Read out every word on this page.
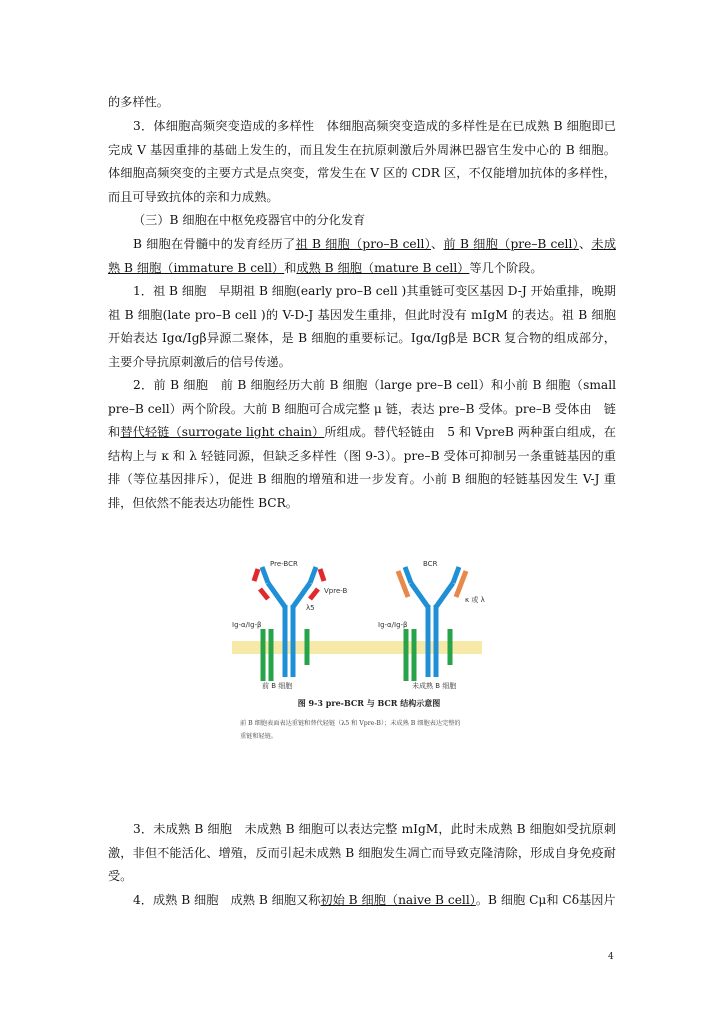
的多样性。

3．体细胞高频突变造成的多样性　体细胞高频突变造成的多样性是在已成熟 B 细胞即已完成 V 基因重排的基础上发生的，而且发生在抗原刺激后外周淋巴器官生发中心的 B 细胞。体细胞高频突变的主要方式是点突变，常发生在 V 区的 CDR 区，不仅能增加抗体的多样性，而且可导致抗体的亲和力成熟。

（三）B 细胞在中枢免疫器官中的分化发育

B 细胞在骨髓中的发育经历了祖 B 细胞（pro–B cell）、前 B 细胞（pre–B cell）、未成熟 B 细胞（immature B cell）和成熟 B 细胞（mature B cell）等几个阶段。

1．祖 B 细胞　早期祖 B 细胞(early pro–B cell )其重链可变区基因 D-J 开始重排，晚期祖 B 细胞(late pro–B cell )的 V-D-J 基因发生重排，但此时没有 mIgM 的表达。祖 B 细胞开始表达 Igα/Igβ异源二聚体，是 B 细胞的重要标记。Igα/Igβ是 BCR 复合物的组成部分，主要介导抗原刺激后的信号传递。

2．前 B 细胞　前 B 细胞经历大前 B 细胞（large pre–B cell）和小前 B 细胞（small pre–B cell）两个阶段。大前 B 细胞可合成完整 μ 链，表达 pre–B 受体。pre–B 受体由　链和替代轻链（surrogate light chain）所组成。替代轻链由　5 和 VpreB 两种蛋白组成，在结构上与 κ 和 λ 轻链同源，但缺乏多样性（图 9-3）。pre–B 受体可抑制另一条重链基因的重排（等位基因排斥），促进 B 细胞的增殖和进一步发育。小前 B 细胞的轻链基因发生 V-J 重排，但依然不能表达功能性 BCR。

Pre-BCR	BCR
Vpre-B
λ5
κ 或 λ
Ig-α/Ig-β	Ig-α/Ig-β
前 B 细胞	未成熟 B 细胞
图 9-3 pre-BCR 与 BCR 结构示意图
前 B 细胞表面表达重链和替代轻链（λ5 和 Vpre-B）；未成熟 B 细胞表达完整的重链和轻链。

3．未成熟 B 细胞　未成熟 B 细胞可以表达完整 mIgM，此时未成熟 B 细胞如受抗原刺激，非但不能活化、增殖，反而引起未成熟 B 细胞发生凋亡而导致克隆清除，形成自身免疫耐受。

4．成熟 B 细胞　成熟 B 细胞又称初始 B 细胞（naive B cell）。B 细胞 Cμ和 Cδ基因片

4
